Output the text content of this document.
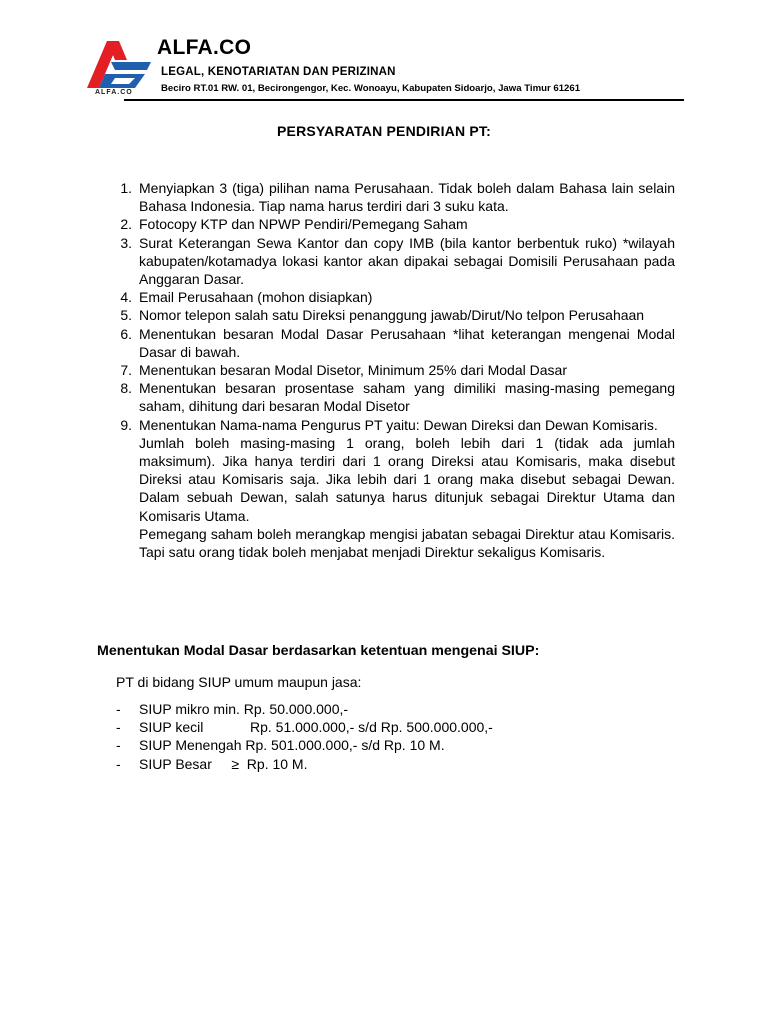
ALFA.CO
ALFA.CO
LEGAL, KENOTARIATAN DAN PERIZINAN
Beciro RT.01 RW. 01, Becirongengor, Kec. Wonoayu, Kabupaten Sidoarjo, Jawa Timur 61261
PERSYARATAN PENDIRIAN PT:
1. Menyiapkan 3 (tiga) pilihan nama Perusahaan. Tidak boleh dalam Bahasa lain selain Bahasa Indonesia. Tiap nama harus terdiri dari 3 suku kata.

2. Fotocopy KTP dan NPWP Pendiri/Pemegang Saham

3. Surat Keterangan Sewa Kantor dan copy IMB (bila kantor berbentuk ruko) *wilayah kabupaten/kotamadya lokasi kantor akan dipakai sebagai Domisili Perusahaan pada Anggaran Dasar.

4. Email Perusahaan (mohon disiapkan)

5. Nomor telepon salah satu Direksi penanggung jawab/Dirut/No telpon Perusahaan

6. Menentukan besaran Modal Dasar Perusahaan *lihat keterangan mengenai Modal Dasar di bawah.

7. Menentukan besaran Modal Disetor, Minimum 25% dari Modal Dasar

8. Menentukan besaran prosentase saham yang dimiliki masing-masing pemegang saham, dihitung dari besaran Modal Disetor

9. Menentukan Nama-nama Pengurus PT yaitu: Dewan Direksi dan Dewan Komisaris.

Jumlah boleh masing-masing 1 orang, boleh lebih dari 1 (tidak ada jumlah maksimum). Jika hanya terdiri dari 1 orang Direksi atau Komisaris, maka disebut Direksi atau Komisaris saja. Jika lebih dari 1 orang maka disebut sebagai Dewan. Dalam sebuah Dewan, salah satunya harus ditunjuk sebagai Direktur Utama dan Komisaris Utama.

Pemegang saham boleh merangkap mengisi jabatan sebagai Direktur atau Komisaris. Tapi satu orang tidak boleh menjabat menjadi Direktur sekaligus Komisaris.

Menentukan Modal Dasar berdasarkan ketentuan mengenai SIUP:
PT di bidang SIUP umum maupun jasa:
- SIUP mikro min. Rp. 50.000.000,-
- SIUP kecil            Rp. 51.000.000,- s/d Rp. 500.000.000,-
- SIUP Menengah Rp. 501.000.000,- s/d Rp. 10 M.
- SIUP Besar     ≥  Rp. 10 M.
